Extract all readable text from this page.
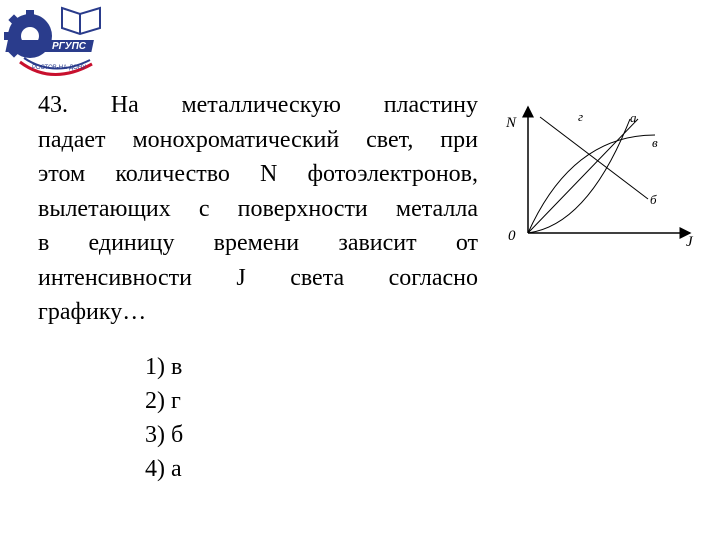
РГУПС
РОСТОВ-НА-ДОНУ

43. На металлическую пластину
падает монохроматический свет, при
этом количество N фотоэлектронов,
вылетающих с поверхности металла
в единицу времени зависит от
интенсивности J света согласно
графику…

1) в
2) г
3) б
4) а
N
J
0
г	а
в
б
